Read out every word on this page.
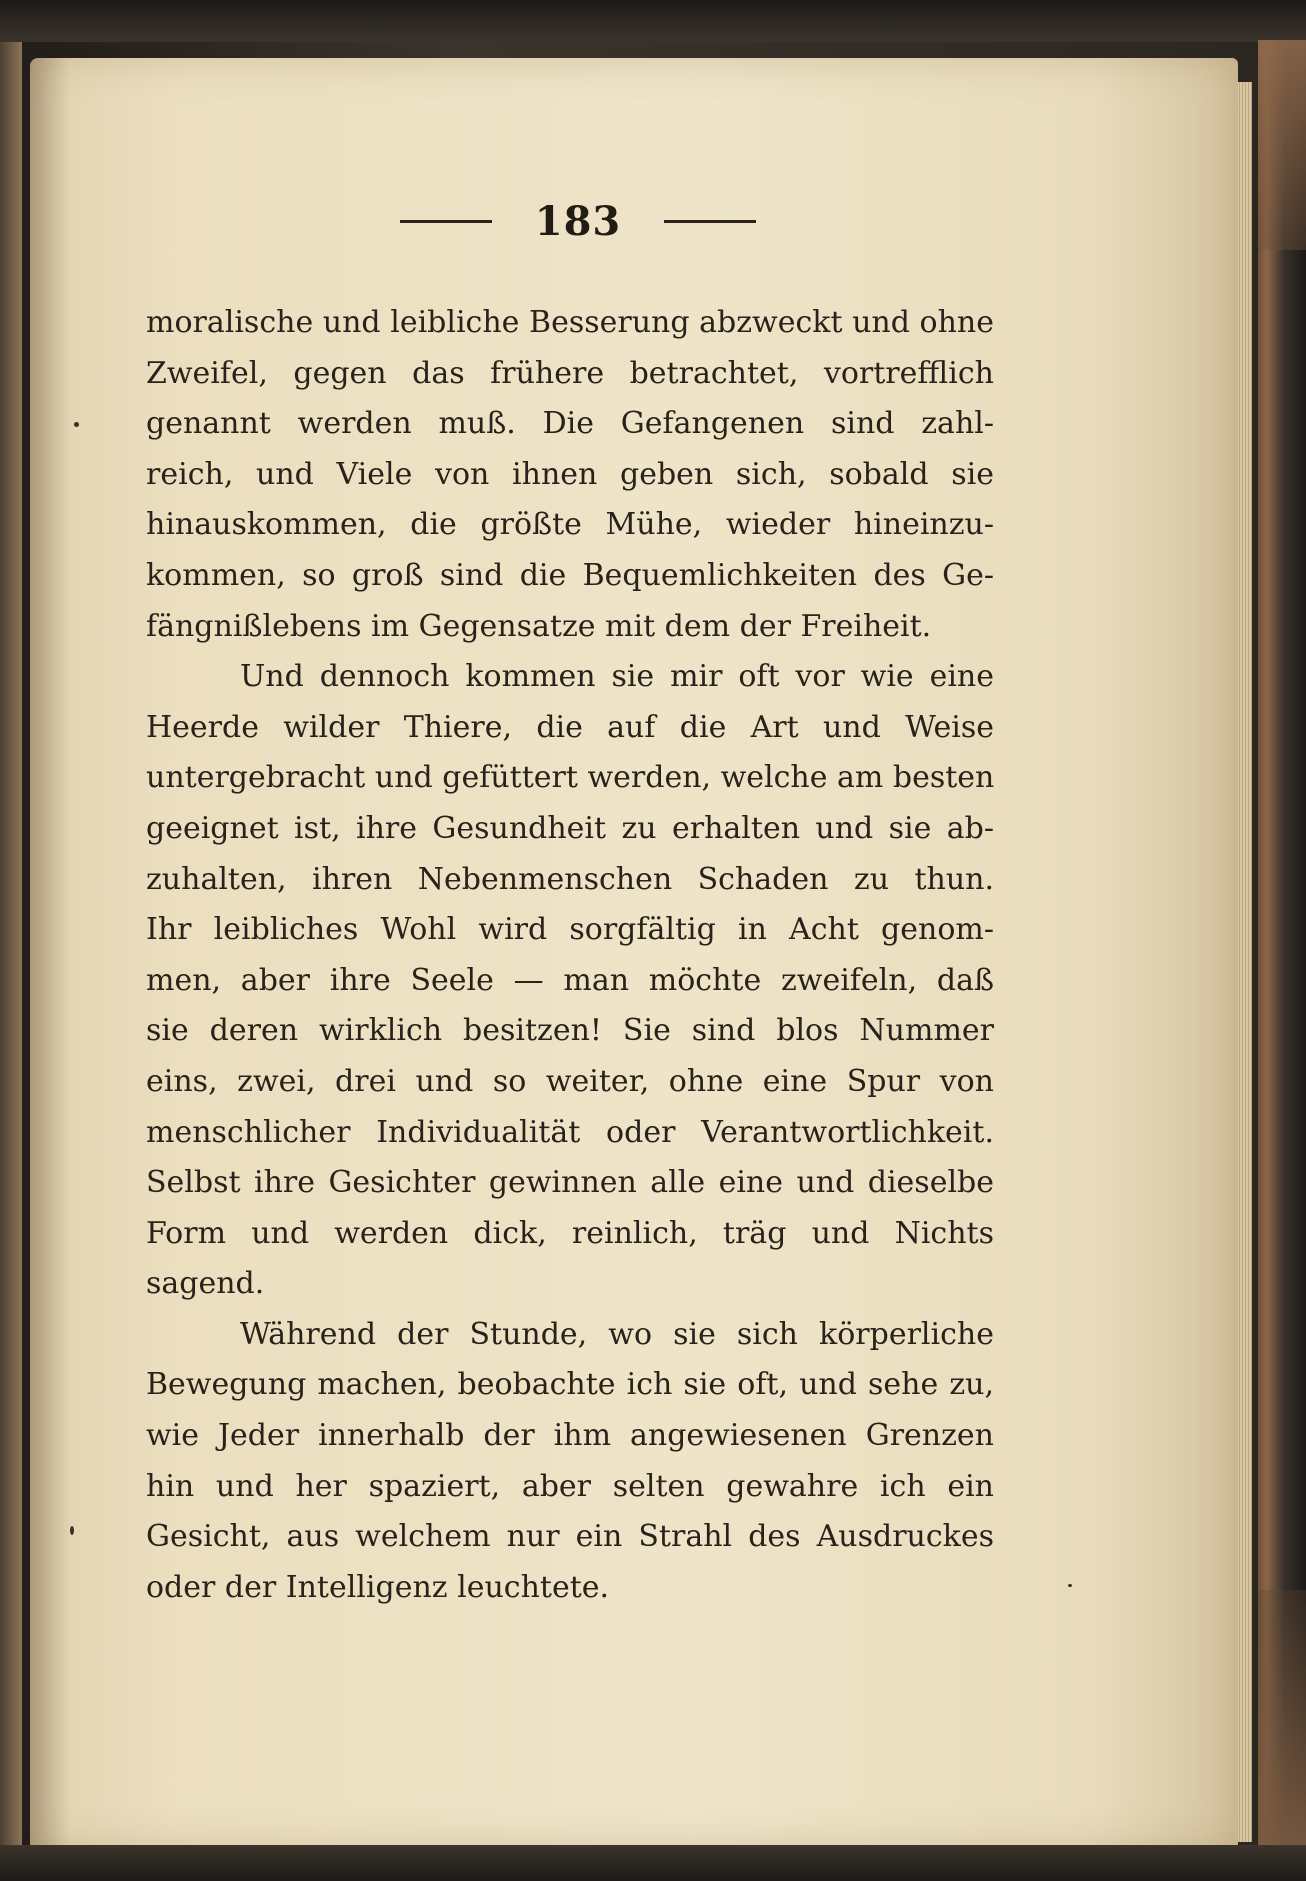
183
moralische und leibliche Besserung abzweckt und ohne
Zweifel, gegen das frühere betrachtet, vortrefflich
genannt werden muß. Die Gefangenen sind zahl-
reich, und Viele von ihnen geben sich, sobald sie
hinauskommen, die größte Mühe, wieder hineinzu-
kommen, so groß sind die Bequemlichkeiten des Ge-
fängnißlebens im Gegensatze mit dem der Freiheit.
Und dennoch kommen sie mir oft vor wie eine
Heerde wilder Thiere, die auf die Art und Weise
untergebracht und gefüttert werden, welche am besten
geeignet ist, ihre Gesundheit zu erhalten und sie ab-
zuhalten, ihren Nebenmenschen Schaden zu thun.
Ihr leibliches Wohl wird sorgfältig in Acht genom-
men, aber ihre Seele — man möchte zweifeln, daß
sie deren wirklich besitzen! Sie sind blos Nummer
eins, zwei, drei und so weiter, ohne eine Spur von
menschlicher Individualität oder Verantwortlichkeit.
Selbst ihre Gesichter gewinnen alle eine und dieselbe
Form und werden dick, reinlich, träg und Nichts
sagend.
Während der Stunde, wo sie sich körperliche
Bewegung machen, beobachte ich sie oft, und sehe zu,
wie Jeder innerhalb der ihm angewiesenen Grenzen
hin und her spaziert, aber selten gewahre ich ein
Gesicht, aus welchem nur ein Strahl des Ausdruckes
oder der Intelligenz leuchtete.
